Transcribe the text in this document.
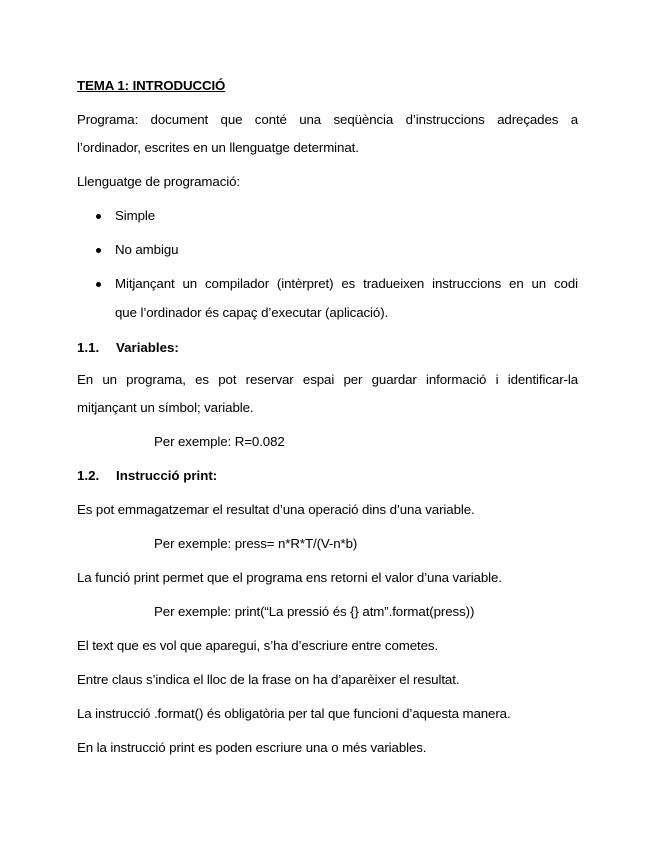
TEMA 1: INTRODUCCIÓ
Programa: document que conté una seqüència d’instruccions adreçades a
l’ordinador, escrites en un llenguatge determinat.
Llenguatge de programació:
Simple
No ambigu
Mitjançant un compilador (intèrpret) es tradueixen instruccions en un codi
que l’ordinador és capaç d’executar (aplicació).
1.1. Variables:
En un programa, es pot reservar espai per guardar informació i identificar-la
mitjançant un símbol; variable.
Per exemple: R=0.082
1.2. Instrucció print:
Es pot emmagatzemar el resultat d’una operació dins d’una variable.
Per exemple: press= n*R*T/(V-n*b)
La funció print permet que el programa ens retorni el valor d’una variable.
Per exemple: print(“La pressió és {} atm”.format(press))
El text que es vol que aparegui, s’ha d’escriure entre cometes.
Entre claus s’indica el lloc de la frase on ha d’aparèixer el resultat.
La instrucció .format() és obligatòria per tal que funcioni d’aquesta manera.
En la instrucció print es poden escriure una o més variables.
